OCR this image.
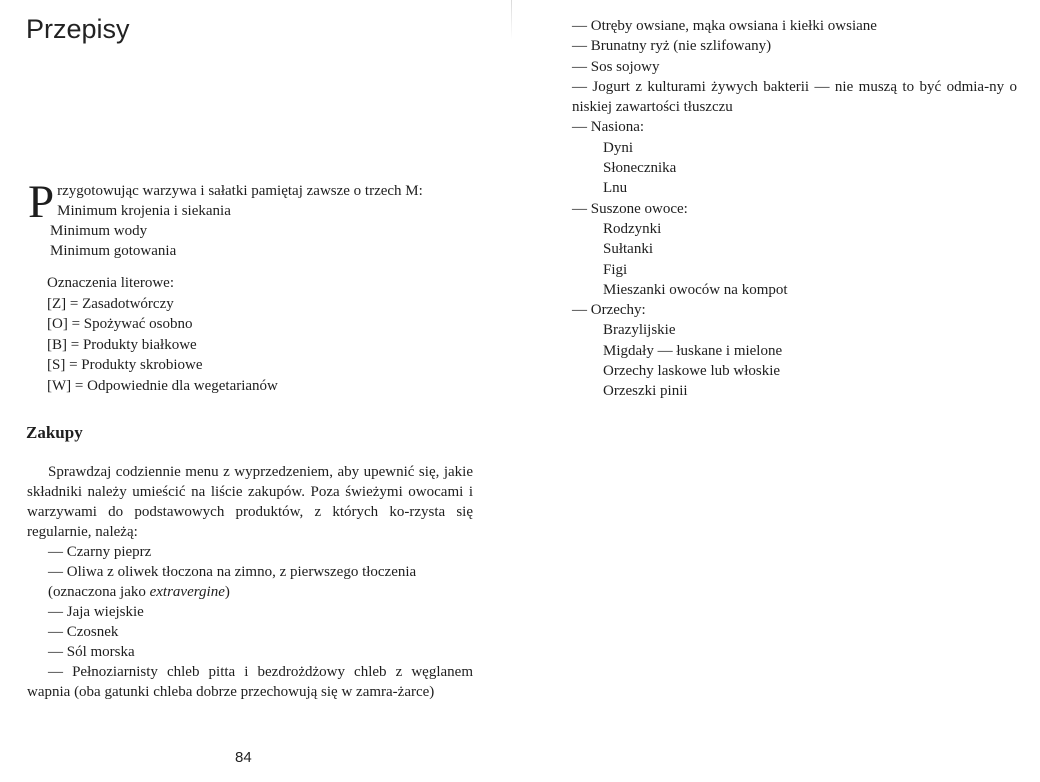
Przepisy
P rzygotowując warzywa i sałatki pamiętaj zawsze o trzech M:
Minimum krojenia i siekania
Minimum wody
Minimum gotowania
Oznaczenia literowe:
[Z] = Zasadotwórczy
[O] = Spożywać osobno
[B] = Produkty białkowe
[S] = Produkty skrobiowe
[W] = Odpowiednie dla wegetarianów
Zakupy

Sprawdzaj codziennie menu z wyprzedzeniem, aby upewnić się, jakie składniki należy umieścić na liście zakupów. Poza świeżymi owocami i warzywami do podstawowych produktów, z których ko-rzysta się regularnie, należą:

— Czarny pieprz
— Oliwa z oliwek tłoczona na zimno, z pierwszego tłoczenia
(oznaczona jako extravergine)
— Jaja wiejskie
— Czosnek
— Sól morska
— Pełnoziarnisty chleb pitta i bezdrożdżowy chleb z węglanem wapnia (oba gatunki chleba dobrze przechowują się w zamra-żarce)
84
— Otręby owsiane, mąka owsiana i kiełki owsiane
— Brunatny ryż (nie szlifowany)
— Sos sojowy
— Jogurt z kulturami żywych bakterii — nie muszą to być odmia-ny o niskiej zawartości tłuszczu
— Nasiona:
Dyni
Słonecznika
Lnu
— Suszone owoce:
Rodzynki
Sułtanki
Figi
Mieszanki owoców na kompot
— Orzechy:
Brazylijskie
Migdały — łuskane i mielone
Orzechy laskowe lub włoskie
Orzeszki pinii
